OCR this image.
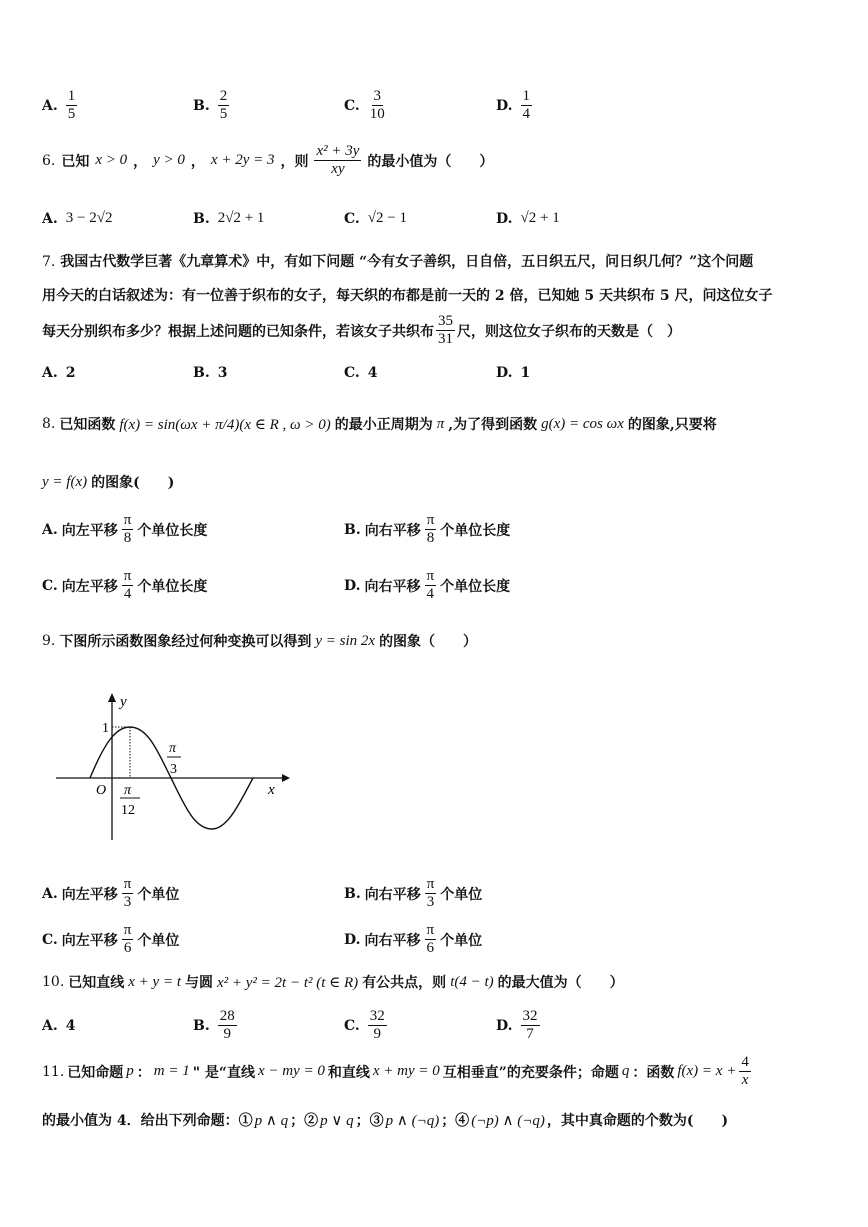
A. $\frac{1}{5}$	B. $\frac{2}{5}$	C. $\frac{3}{10}$	D. $\frac{1}{4}$
6. 已知 x > 0 ， y > 0 ， x + 2y = 3 ，则 $\frac{\text{x² + 3y}}{xy}$ 的最小值为（　　）
A. 3 − 2√2	B. 2√2 + 1	C. √2 − 1	D. √2 + 1
7. 我国古代数学巨著《九章算术》中，有如下问题 “今有女子善织，日自倍，五日织五尺，问日织几何？”这个问题
用今天的白话叙述为：有一位善于织布的女子，每天织的布都是前一天的 2 倍，已知她 5 天共织布 5 尺，问这位女子
每天分别织布多少？根据上述问题的已知条件，若该女子共织布 $\frac{35}{31}$ 尺，则这位女子织布的天数是（　）
A. 2	B. 3	C. 4	D. 1
8. 已知函数 f(x) = sin(ωx + π/4)(x ∈ R , ω > 0) 的最小正周期为 π ,为了得到函数 g(x) = cos ωx 的图象,只要将
y = f(x) 的图象(　　)
A. 向左平移 $\frac{\pi}{8}$ 个单位长度	B. 向右平移 $\frac{\pi}{8}$ 个单位长度
C. 向左平移 $\frac{\pi}{4}$ 个单位长度	D. 向右平移 $\frac{\pi}{4}$ 个单位长度
9. 下图所示函数图象经过何种变换可以得到 y = sin 2x 的图象（　　）
y
x
O
1
π
12
π
3
A. 向左平移 $\frac{\pi}{3}$ 个单位	B. 向右平移 $\frac{\pi}{3}$ 个单位
C. 向左平移 $\frac{\pi}{6}$ 个单位	D. 向右平移 $\frac{\pi}{6}$ 个单位
10. 已知直线 x + y = t 与圆 x² + y² = 2t − t² (t ∈ R) 有公共点，则 t(4 − t) 的最大值为（　　）
A. 4	B. $\frac{28}{9}$	C. $\frac{32}{9}$	D. $\frac{32}{7}$
11. 已知命题 p ： m = 1 " 是“直线 x − my = 0 和直线 x + my = 0 互相垂直”的充要条件；命题 q ：函数 $f(x) = x + \frac{4}{x}$
的最小值为 4．给出下列命题：① p ∧ q ；② p ∨ q ；③ p ∧ (¬q) ；④ (¬p) ∧ (¬q) ，其中真命题的个数为(　　)
